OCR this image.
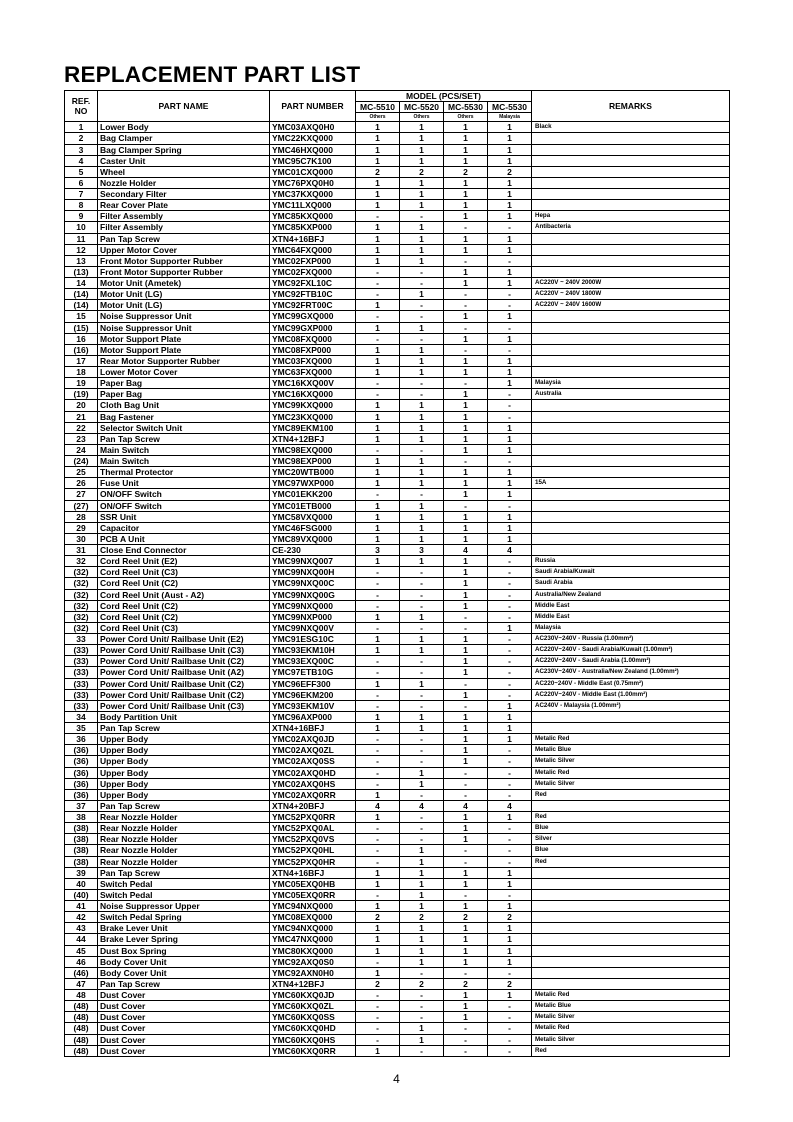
REPLACEMENT PART LIST
REF.
NO	PART NAME	PART NUMBER	MODEL (PCS/SET)				REMARKS
			MC-5510	MC-5520	MC-5530	MC-5530	
			Others	Others	Others	Malaysia	
1	Lower Body	YMC03AXQ0H0	1	1	1	1	Black
2	Bag Clamper	YMC22KXQ000	1	1	1	1	
3	Bag Clamper Spring	YMC46HXQ000	1	1	1	1	
4	Caster Unit	YMC95C7K100	1	1	1	1	
5	Wheel	YMC01CXQ000	2	2	2	2	
6	Nozzle Holder	YMC76PXQ0H0	1	1	1	1	
7	Secondary Filter	YMC37KXQ000	1	1	1	1	
8	Rear Cover Plate	YMC11LXQ000	1	1	1	1	
9	Filter Assembly	YMC85KXQ000	-	-	1	1	Hepa
10	Filter Assembly	YMC85KXP000	1	1	-	-	Antibacteria
11	Pan Tap Screw	XTN4+16BFJ	1	1	1	1	
12	Upper Motor Cover	YMC64FXQ000	1	1	1	1	
13	Front Motor Supporter Rubber	YMC02FXP000	1	1	-	-	
(13)	Front Motor Supporter Rubber	YMC02FXQ000	-	-	1	1	
14	Motor Unit (Ametek)	YMC92FXL10C	-	-	1	1	AC220V ~ 240V 2000W
(14)	Motor Unit (LG)	YMC92FTB10C	-	1	-	-	AC220V ~ 240V 1800W
(14)	Motor Unit (LG)	YMC92FRT00C	1	-	-	-	AC220V ~ 240V 1600W
15	Noise Suppressor Unit	YMC99GXQ000	-	-	1	1	
(15)	Noise Suppressor Unit	YMC99GXP000	1	1	-	-	
16	Motor Support Plate	YMC08FXQ000	-	-	1	1	
(16)	Motor Support Plate	YMC08FXP000	1	1	-	-	
17	Rear Motor Supporter Rubber	YMC03FXQ000	1	1	1	1	
18	Lower Motor Cover	YMC63FXQ000	1	1	1	1	
19	Paper Bag	YMC16KXQ00V	-	-	-	1	Malaysia
(19)	Paper Bag	YMC16KXQ000	-	-	1	-	Australia
20	Cloth Bag Unit	YMC99KXQ000	1	1	1	-	
21	Bag Fastener	YMC23KXQ000	1	1	1	-	
22	Selector Switch Unit	YMC89EKM100	1	1	1	1	
23	Pan Tap Screw	XTN4+12BFJ	1	1	1	1	
24	Main Switch	YMC98EXQ000	-	-	1	1	
(24)	Main Switch	YMC98EXP000	1	1	-	-	
25	Thermal Protector	YMC20WTB000	1	1	1	1	
26	Fuse Unit	YMC97WXP000	1	1	1	1	15A
27	ON/OFF Switch	YMC01EKK200	-	-	1	1	
(27)	ON/OFF Switch	YMC01ETB000	1	1	-	-	
28	SSR Unit	YMC58VXQ000	1	1	1	1	
29	Capacitor	YMC46FSG000	1	1	1	1	
30	PCB A Unit	YMC89VXQ000	1	1	1	1	
31	Close End Connector	CE-230	3	3	4	4	
32	Cord Reel Unit (E2)	YMC99NXQ007	1	1	1	-	Russia
(32)	Cord Reel Unit (C3)	YMC99NXQ00H	-	-	1	-	Saudi Arabia/Kuwait
(32)	Cord Reel Unit (C2)	YMC99NXQ00C	-	-	1	-	Saudi Arabia
(32)	Cord Reel Unit (Aust - A2)	YMC99NXQ00G	-	-	1	-	Australia/New Zealand
(32)	Cord Reel Unit (C2)	YMC99NXQ000	-	-	1	-	Middle East
(32)	Cord Reel Unit (C2)	YMC99NXP000	1	1	-	-	Middle East
(32)	Cord Reel Unit (C3)	YMC99NXQ00V	-	-	-	1	Malaysia
33	Power Cord Unit/ Railbase Unit (E2)	YMC91ESG10C	1	1	1	-	AC230V~240V - Russia (1.00mm²)
(33)	Power Cord Unit/ Railbase Unit (C3)	YMC93EKM10H	1	1	1	-	AC220V~240V - Saudi Arabia/Kuwait (1.00mm²)
(33)	Power Cord Unit/ Railbase Unit (C2)	YMC93EXQ00C	-	-	1	-	AC220V~240V - Saudi Arabia (1.00mm²)
(33)	Power Cord Unit/ Railbase Unit (A2)	YMC97ETB10G	-	-	1	-	AC230V~240V - Australia/New Zealand (1.00mm²)
(33)	Power Cord Unit/ Railbase Unit (C2)	YMC96EFF300	1	1	-	-	AC220~240V - Middle East (0.75mm²)
(33)	Power Cord Unit/ Railbase Unit (C2)	YMC96EKM200	-	-	1	-	AC220V~240V - Middle East (1.00mm²)
(33)	Power Cord Unit/ Railbase Unit (C3)	YMC93EKM10V	-	-	-	1	AC240V - Malaysia (1.00mm²)
34	Body Partition Unit	YMC96AXP000	1	1	1	1	
35	Pan Tap Screw	XTN4+16BFJ	1	1	1	1	
36	Upper Body	YMC02AXQ0JD	-	-	1	1	Metalic Red
(36)	Upper Body	YMC02AXQ0ZL	-	-	1	-	Metalic Blue
(36)	Upper Body	YMC02AXQ0SS	-	-	1	-	Metalic Silver
(36)	Upper Body	YMC02AXQ0HD	-	1	-	-	Metalic Red
(36)	Upper Body	YMC02AXQ0HS	-	1	-	-	Metalic Silver
(36)	Upper Body	YMC02AXQ0RR	1	-	-	-	Red
37	Pan Tap Screw	XTN4+20BFJ	4	4	4	4	
38	Rear Nozzle Holder	YMC52PXQ0RR	1	-	1	1	Red
(38)	Rear Nozzle Holder	YMC52PXQ0AL	-	-	1	-	Blue
(38)	Rear Nozzle Holder	YMC52PXQ0VS	-	-	1	-	Silver
(38)	Rear Nozzle Holder	YMC52PXQ0HL	-	1	-	-	Blue
(38)	Rear Nozzle Holder	YMC52PXQ0HR	-	1	-	-	Red
39	Pan Tap Screw	XTN4+16BFJ	1	1	1	1	
40	Switch Pedal	YMC05EXQ0HB	1	1	1	1	
(40)	Switch Pedal	YMC05EXQ0RR	-	1	-	-	
41	Noise Suppressor Upper	YMC94NXQ000	1	1	1	1	
42	Switch Pedal Spring	YMC08EXQ000	2	2	2	2	
43	Brake Lever Unit	YMC94NXQ000	1	1	1	1	
44	Brake Lever Spring	YMC47NXQ000	1	1	1	1	
45	Dust Box Spring	YMC80KXQ000	1	1	1	1	
46	Body Cover Unit	YMC92AXQ0S0	-	1	1	1	
(46)	Body Cover Unit	YMC92AXN0H0	1	-	-	-	
47	Pan Tap Screw	XTN4+12BFJ	2	2	2	2	
48	Dust Cover	YMC60KXQ0JD	-	-	1	1	Metalic Red
(48)	Dust Cover	YMC60KXQ0ZL	-	-	1	-	Metalic Blue
(48)	Dust Cover	YMC60KXQ0SS	-	-	1	-	Metalic Silver
(48)	Dust Cover	YMC60KXQ0HD	-	1	-	-	Metalic Red
(48)	Dust Cover	YMC60KXQ0HS	-	1	-	-	Metalic Silver
(48)	Dust Cover	YMC60KXQ0RR	1	-	-	-	Red
4
